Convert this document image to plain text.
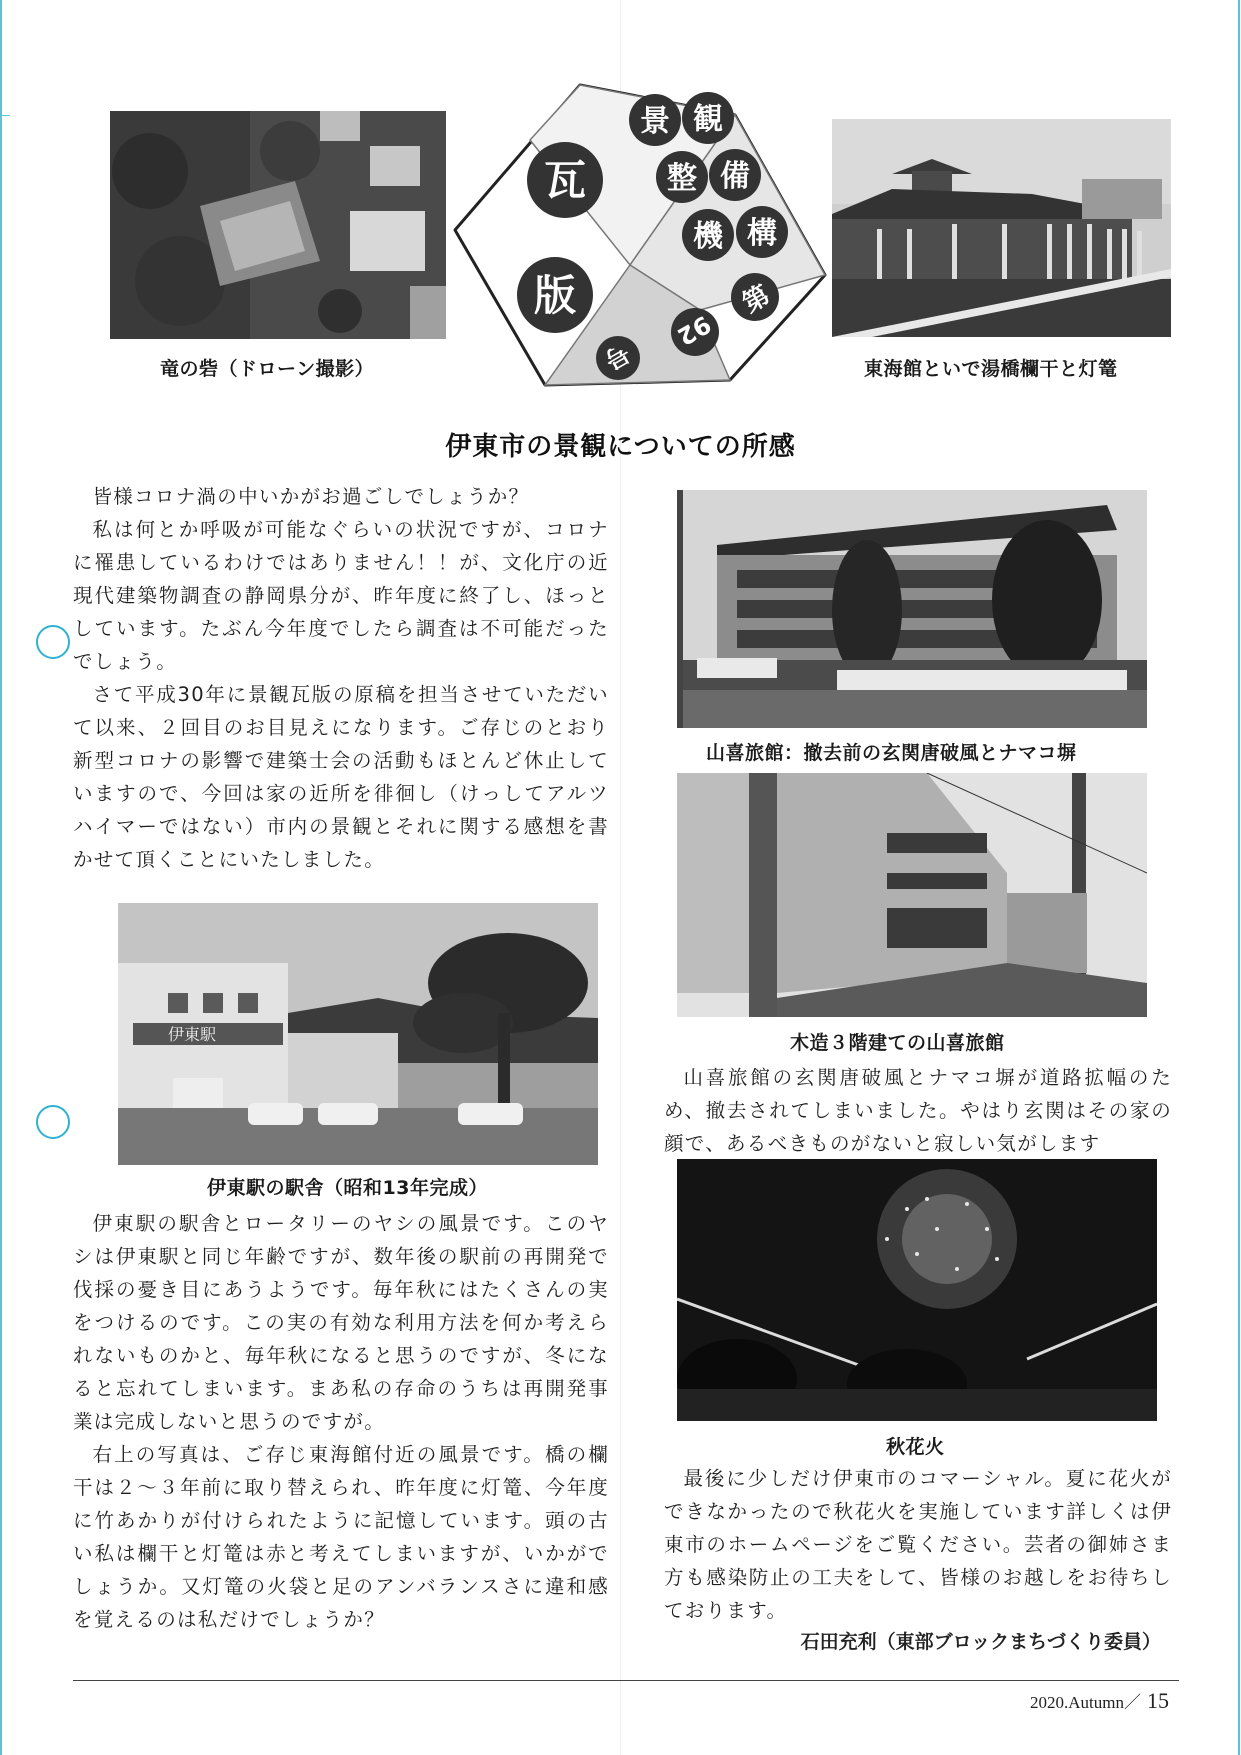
竜の砦（ドローン撮影）
瓦
版
景 観
整 備
機 構
第
92
号	東海館といで湯橋欄干と灯篭
伊東市の景観についての所感

皆様コロナ渦の中いかがお過ごしでしょうか？

私は何とか呼吸が可能なぐらいの状況ですが、コロナに罹患しているわけではありません！！が、文化庁の近現代建築物調査の静岡県分が、昨年度に終了し、ほっとしています。たぶん今年度でしたら調査は不可能だったでしょう。

さて平成30年に景観瓦版の原稿を担当させていただいて以来、２回目のお目見えになります。ご存じのとおり新型コロナの影響で建築士会の活動もほとんど休止していますので、今回は家の近所を徘徊し（けっしてアルツハイマーではない）市内の景観とそれに関する感想を書かせて頂くことにいたしました。

伊東駅
伊東駅の駅舎（昭和13年完成）

伊東駅の駅舎とロータリーのヤシの風景です。このヤシは伊東駅と同じ年齢ですが、数年後の駅前の再開発で伐採の憂き目にあうようです。毎年秋にはたくさんの実をつけるのです。この実の有効な利用方法を何か考えられないものかと、毎年秋になると思うのですが、冬になると忘れてしまいます。まあ私の存命のうちは再開発事業は完成しないと思うのですが。

右上の写真は、ご存じ東海館付近の風景です。橋の欄干は２～３年前に取り替えられ、昨年度に灯篭、今年度に竹あかりが付けられたように記憶しています。頭の古い私は欄干と灯篭は赤と考えてしまいますが、いかがでしょうか。又灯篭の火袋と足のアンバランスさに違和感を覚えるのは私だけでしょうか？

山喜旅館：撤去前の玄関唐破風とナマコ塀
木造３階建ての山喜旅館

山喜旅館の玄関唐破風とナマコ塀が道路拡幅のため、撤去されてしまいました。やはり玄関はその家の顔で、あるべきものがないと寂しい気がします

秋花火

最後に少しだけ伊東市のコマーシャル。夏に花火ができなかったので秋花火を実施しています詳しくは伊東市のホームページをご覧ください。芸者の御姉さま方も感染防止の工夫をして、皆様のお越しをお待ちしております。

石田充利（東部ブロックまちづくり委員）
2020.Autumn／ 15
